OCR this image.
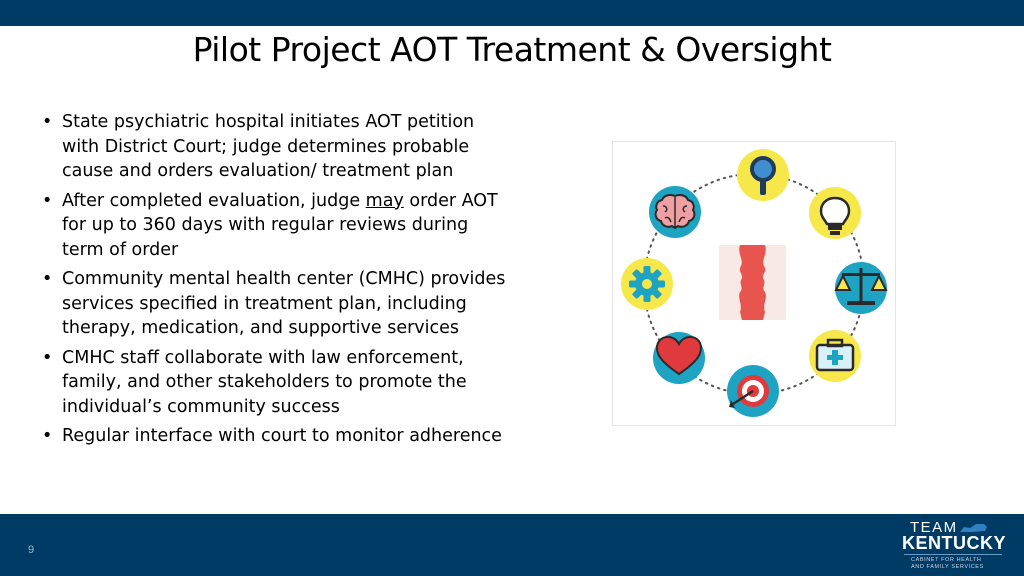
Pilot Project AOT Treatment & Oversight
• State psychiatric hospital initiates AOT petition with District Court; judge determines probable cause and orders evaluation/ treatment plan
• After completed evaluation, judge may order AOT for up to 360 days with regular reviews during term of order
• Community mental health center (CMHC) provides services specified in treatment plan, including therapy, medication, and supportive services
• CMHC staff collaborate with law enforcement, family, and other stakeholders to promote the individual’s community success
• Regular interface with court to monitor adherence
9
TEAM
KENTUCKY
CABINET FOR HEALTH
AND FAMILY SERVICES
